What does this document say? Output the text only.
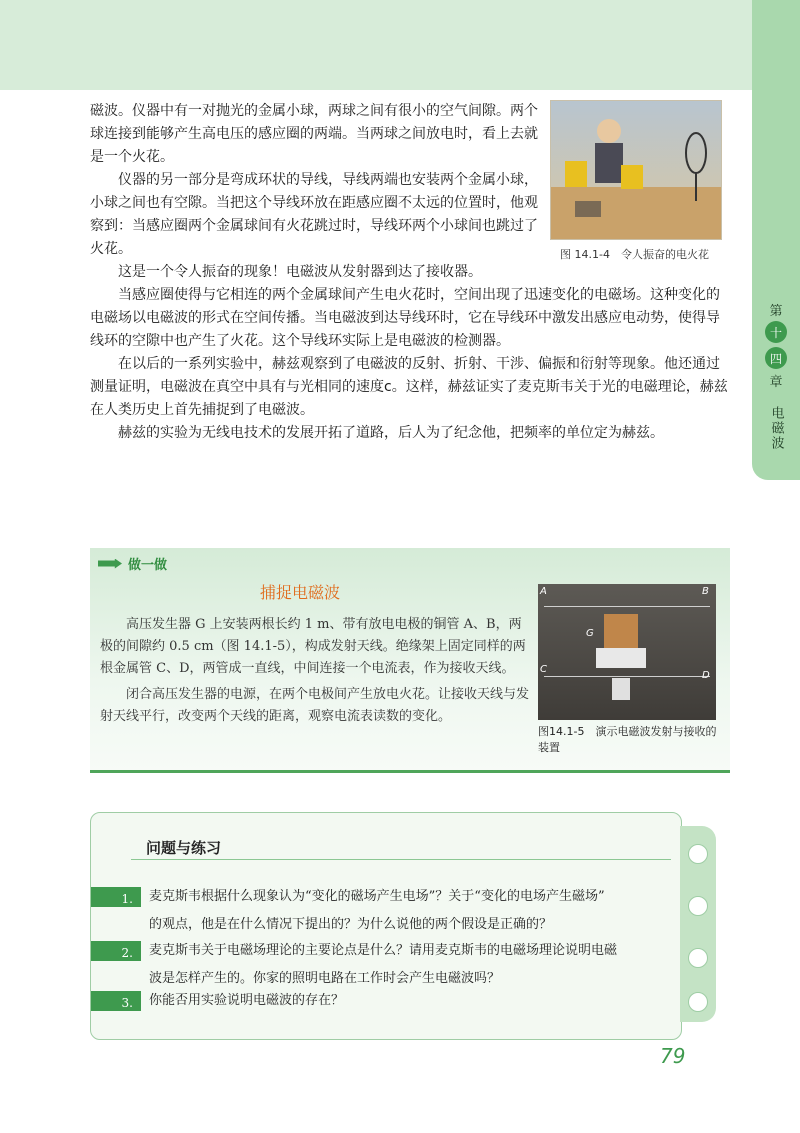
第
十
四
章
电磁波

磁波。仪器中有一对抛光的金属小球，两球之间有很小的空气间隙。两个球连接到能够产生高电压的感应圈的两端。当两球之间放电时，看上去就是一个火花。

仪器的另一部分是弯成环状的导线，导线两端也安装两个金属小球，小球之间也有空隙。当把这个导线环放在距感应圈不太远的位置时，他观察到：当感应圈两个金属球间有火花跳过时，导线环两个小球间也跳过了火花。

这是一个令人振奋的现象！电磁波从发射器到达了接收器。

当感应圈使得与它相连的两个金属球间产生电火花时，空间出现了迅速变化的电磁场。这种变化的电磁场以电磁波的形式在空间传播。当电磁波到达导线环时，它在导线环中激发出感应电动势，使得导线环的空隙中也产生了火花。这个导线环实际上是电磁波的检测器。

在以后的一系列实验中，赫兹观察到了电磁波的反射、折射、干涉、偏振和衍射等现象。他还通过测量证明，电磁波在真空中具有与光相同的速度c。这样，赫兹证实了麦克斯韦关于光的电磁理论，赫兹在人类历史上首先捕捉到了电磁波。

赫兹的实验为无线电技术的发展开拓了道路，后人为了纪念他，把频率的单位定为赫兹。

图 14.1-4　令人振奋的电火花
做一做
捕捉电磁波

高压发生器 G 上安装两根长约 1 m、带有放电电极的铜管 A、B，两极的间隙约 0.5 cm（图 14.1-5），构成发射天线。绝缘架上固定同样的两根金属管 C、D，两管成一直线，中间连接一个电流表，作为接收天线。

闭合高压发生器的电源，在两个电极间产生放电火花。让接收天线与发射天线平行，改变两个天线的距离，观察电流表读数的变化。

A	B
G
C
D
图14.1-5　演示电磁波发射与接收的装置
问题与练习
1. 麦克斯韦根据什么现象认为“变化的磁场产生电场”？关于“变化的电场产生磁场”
的观点，他是在什么情况下提出的？为什么说他的两个假设是正确的？
2. 麦克斯韦关于电磁场理论的主要论点是什么？请用麦克斯韦的电磁场理论说明电磁
波是怎样产生的。你家的照明电路在工作时会产生电磁波吗？
3. 你能否用实验说明电磁波的存在？
79
